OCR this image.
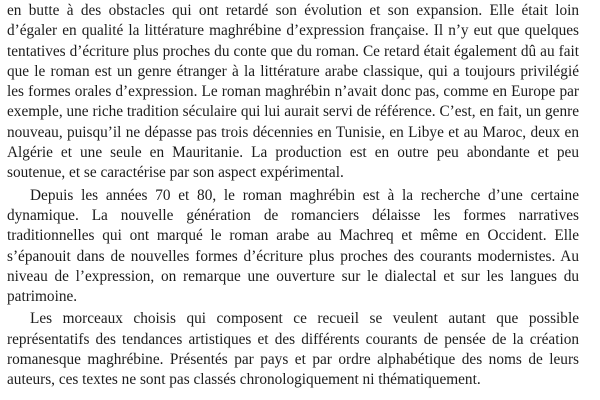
en butte à des obstacles qui ont retardé son évolution et son expansion. Elle était loin d’égaler en qualité la littérature maghrébine d’expression française. Il n’y eut que quelques tentatives d’écriture plus proches du conte que du roman. Ce retard était également dû au fait que le roman est un genre étranger à la littérature arabe classique, qui a toujours privilégié les formes orales d’expression. Le roman maghrébin n’avait donc pas, comme en Europe par exemple, une riche tradition séculaire qui lui aurait servi de référence. C’est, en fait, un genre nouveau, puisqu’il ne dépasse pas trois décennies en Tunisie, en Libye et au Maroc, deux en Algérie et une seule en Mauritanie. La production est en outre peu abondante et peu soutenue, et se caractérise par son aspect expérimental.

Depuis les années 70 et 80, le roman maghrébin est à la recherche d’une certaine dynamique. La nouvelle génération de romanciers délaisse les formes narratives traditionnelles qui ont marqué le roman arabe au Machreq et même en Occident. Elle s’épanouit dans de nouvelles formes d’écriture plus proches des courants modernistes. Au niveau de l’expression, on remarque une ouverture sur le dialectal et sur les langues du patrimoine.

Les morceaux choisis qui composent ce recueil se veulent autant que possible représentatifs des tendances artistiques et des différents courants de pensée de la création romanesque maghrébine. Présentés par pays et par ordre alphabétique des noms de leurs auteurs, ces textes ne sont pas classés chronologiquement ni thématiquement.
